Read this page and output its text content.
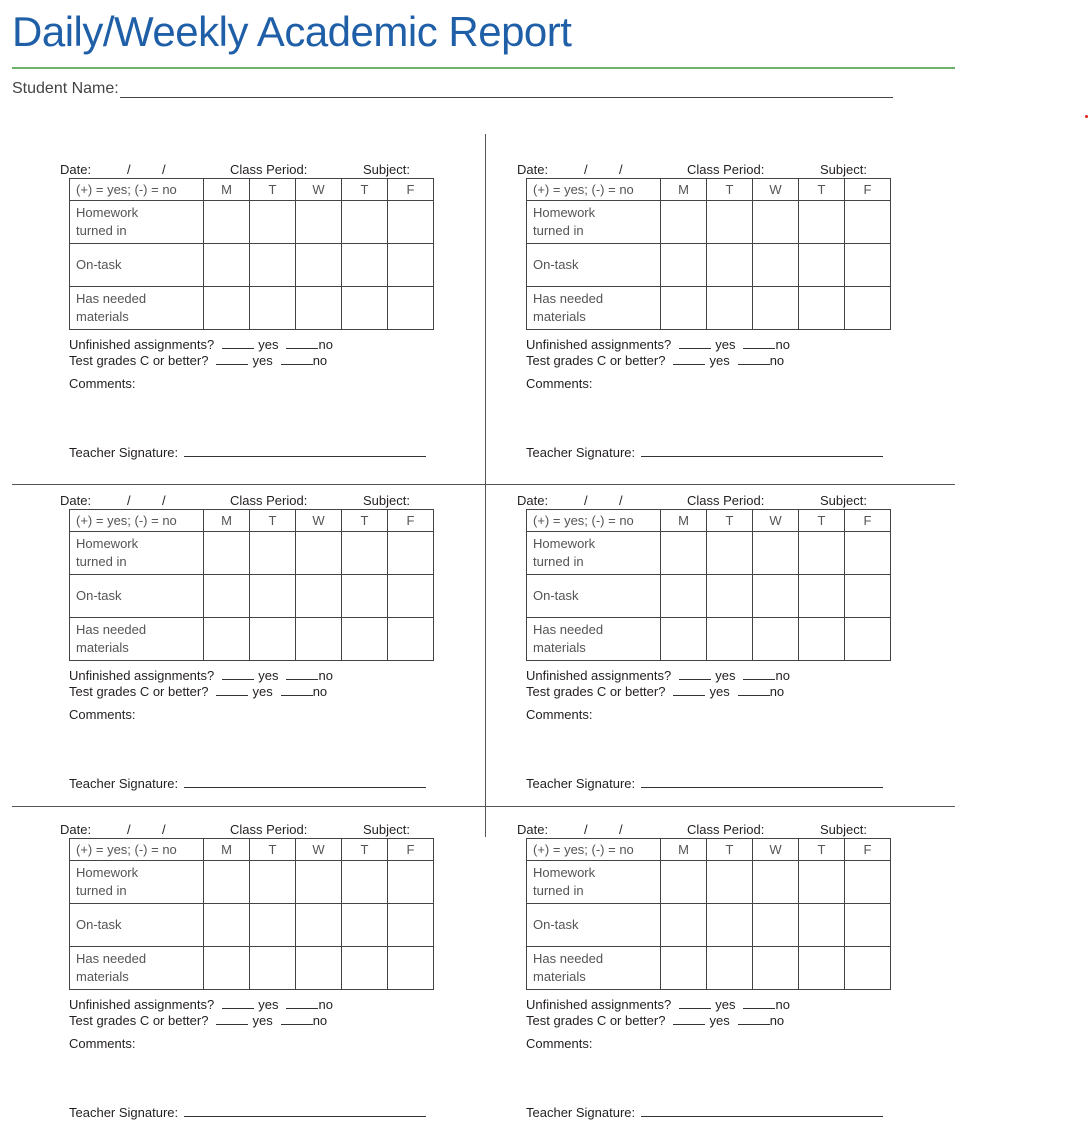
Daily/Weekly Academic Report
Student Name:
Date:	/ /	Class Period:	Subject:
(+) = yes; (-) = no	M	T	W	T	F
Homework
turned in					
On-task					
Has needed
materials					
Unfinished assignments?	yes	no
Test grades C or better?	yes	no
Comments:
Teacher Signature:
Date:	/ /	Class Period:	Subject:
(+) = yes; (-) = no	M	T	W	T	F
Homework
turned in					
On-task					
Has needed
materials					
Unfinished assignments?	yes	no
Test grades C or better?	yes	no
Comments:
Teacher Signature:
Date:	/ /	Class Period:	Subject:
(+) = yes; (-) = no	M	T	W	T	F
Homework
turned in					
On-task					
Has needed
materials					
Unfinished assignments?	yes	no
Test grades C or better?	yes	no
Comments:
Teacher Signature:
Date:	/ /	Class Period:	Subject:
(+) = yes; (-) = no	M	T	W	T	F
Homework
turned in					
On-task					
Has needed
materials					
Unfinished assignments?	yes	no
Test grades C or better?	yes	no
Comments:
Teacher Signature:
Date:	/ /	Class Period:	Subject:
(+) = yes; (-) = no	M	T	W	T	F
Homework
turned in					
On-task					
Has needed
materials					
Unfinished assignments?	yes	no
Test grades C or better?	yes	no
Comments:
Teacher Signature:
Date:	/ /	Class Period:	Subject:
(+) = yes; (-) = no	M	T	W	T	F
Homework
turned in					
On-task					
Has needed
materials					
Unfinished assignments?	yes	no
Test grades C or better?	yes	no
Comments:
Teacher Signature:
